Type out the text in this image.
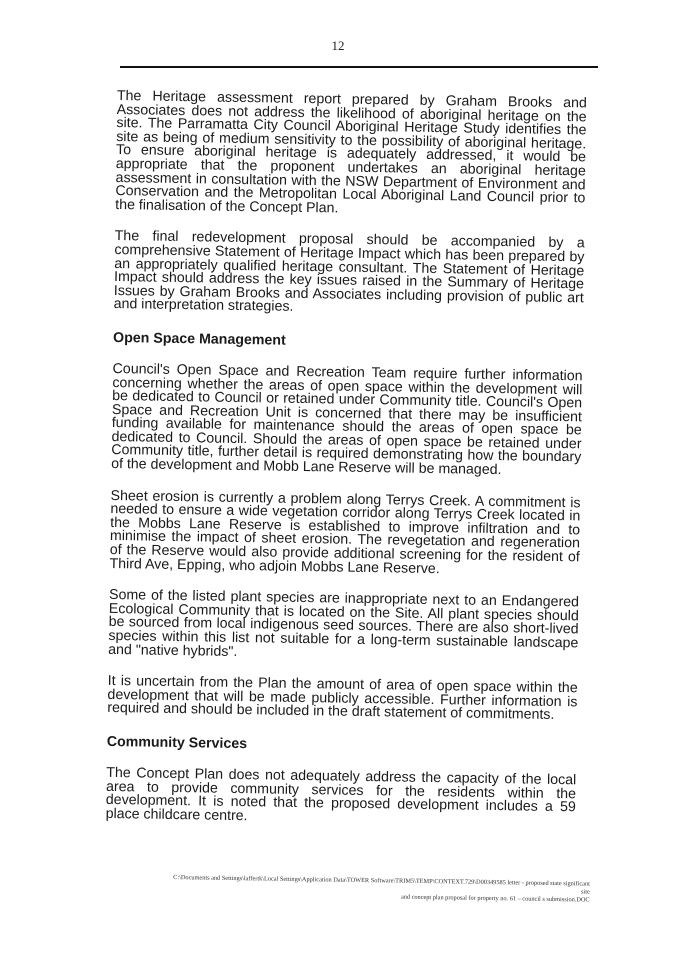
12

The Heritage assessment report prepared by Graham Brooks and Associates does not address the likelihood of aboriginal heritage on the site. The Parramatta City Council Aboriginal Heritage Study identifies the site as being of medium sensitivity to the possibility of aboriginal heritage. To ensure aboriginal heritage is adequately addressed, it would be appropriate that the proponent undertakes an aboriginal heritage assessment in consultation with the NSW Department of Environment and Conservation and the Metropolitan Local Aboriginal Land Council prior to the finalisation of the Concept Plan.

The final redevelopment proposal should be accompanied by a comprehensive Statement of Heritage Impact which has been prepared by an appropriately qualified heritage consultant. The Statement of Heritage Impact should address the key issues raised in the Summary of Heritage Issues by Graham Brooks and Associates including provision of public art and interpretation strategies.

Open Space Management

Council's Open Space and Recreation Team require further information concerning whether the areas of open space within the development will be dedicated to Council or retained under Community title. Council's Open Space and Recreation Unit is concerned that there may be insufficient funding available for maintenance should the areas of open space be dedicated to Council. Should the areas of open space be retained under Community title, further detail is required demonstrating how the boundary of the development and Mobb Lane Reserve will be managed.

Sheet erosion is currently a problem along Terrys Creek. A commitment is needed to ensure a wide vegetation corridor along Terrys Creek located in the Mobbs Lane Reserve is established to improve infiltration and to minimise the impact of sheet erosion. The revegetation and regeneration of the Reserve would also provide additional screening for the resident of Third Ave, Epping, who adjoin Mobbs Lane Reserve.

Some of the listed plant species are inappropriate next to an Endangered Ecological Community that is located on the Site. All plant species should be sourced from local indigenous seed sources. There are also short-lived species within this list not suitable for a long-term sustainable landscape and "native hybrids".

It is uncertain from the Plan the amount of area of open space within the development that will be made publicly accessible. Further information is required and should be included in the draft statement of commitments.

Community Services

The Concept Plan does not adequately address the capacity of the local area to provide community services for the residents within the development. It is noted that the proposed development includes a 59 place childcare centre.

C:\Documents and Settings\laffertk\Local Settings\Application Data\TOWER Software\TRIM5\TEMP\CONTEXT.729\D00349585 letter - proposed state significant site
and concept plan proposal for property no. 61 – council s submission.DOC
